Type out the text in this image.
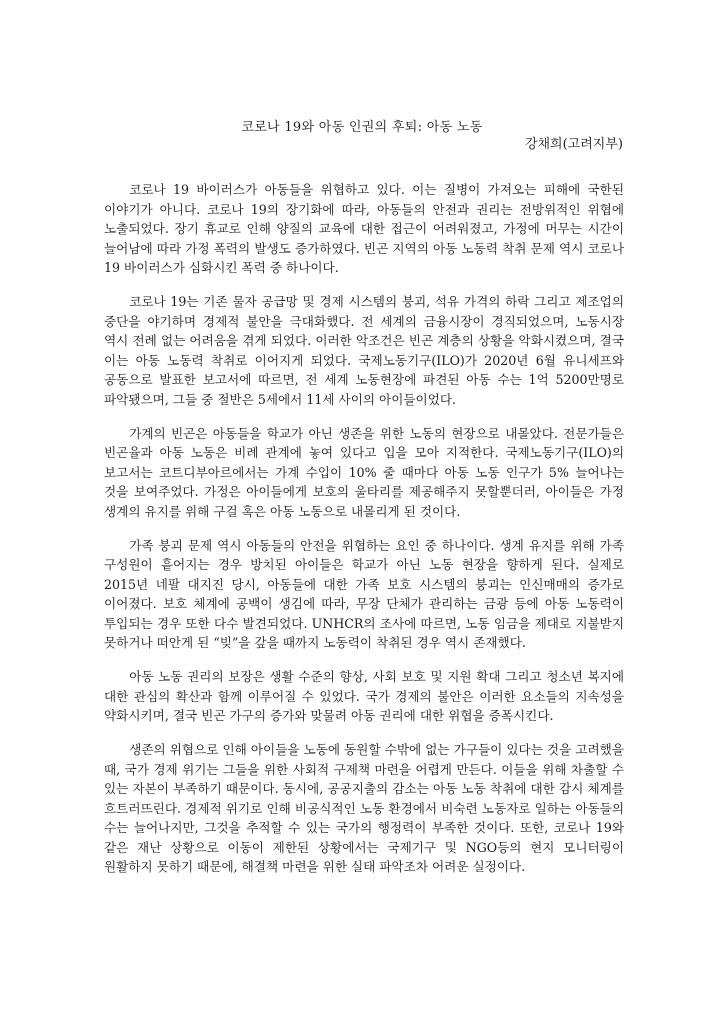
코로나 19와 아동 인권의 후퇴: 아동 노동
강채희(고려지부)

코로나 19 바이러스가 아동들을 위협하고 있다. 이는 질병이 가져오는 피해에 국한된 이야기가 아니다. 코로나 19의 장기화에 따라, 아동들의 안전과 권리는 전방위적인 위협에 노출되었다. 장기 휴교로 인해 양질의 교육에 대한 접근이 어려워졌고, 가정에 머무는 시간이 늘어남에 따라 가정 폭력의 발생도 증가하였다. 빈곤 지역의 아동 노동력 착취 문제 역시 코로나 19 바이러스가 심화시킨 폭력 중 하나이다.

코로나 19는 기존 물자 공급망 및 경제 시스템의 붕괴, 석유 가격의 하락 그리고 제조업의 중단을 야기하며 경제적 불안을 극대화했다. 전 세계의 금융시장이 경직되었으며, 노동시장 역시 전례 없는 어려움을 겪게 되었다. 이러한 악조건은 빈곤 계층의 상황을 악화시켰으며, 결국 이는 아동 노동력 착취로 이어지게 되었다. 국제노동기구(ILO)가 2020년 6월 유니세프와 공동으로 발표한 보고서에 따르면, 전 세계 노동현장에 파견된 아동 수는 1억 5200만명로 파악됐으며, 그들 중 절반은 5세에서 11세 사이의 아이들이었다.

가계의 빈곤은 아동들을 학교가 아닌 생존을 위한 노동의 현장으로 내몰았다. 전문가들은 빈곤율과 아동 노동은 비례 관계에 놓여 있다고 입을 모아 지적한다. 국제노동기구(ILO)의 보고서는 코트디부아르에서는 가계 수입이 10% 줄 때마다 아동 노동 인구가 5% 늘어나는 것을 보여주었다. 가정은 아이들에게 보호의 울타리를 제공해주지 못할뿐더러, 아이들은 가정 생계의 유지를 위해 구걸 혹은 아동 노동으로 내몰리게 된 것이다.

가족 붕괴 문제 역시 아동들의 안전을 위협하는 요인 중 하나이다. 생계 유지를 위해 가족 구성원이 흩어지는 경우 방치된 아이들은 학교가 아닌 노동 현장을 향하게 된다. 실제로 2015년 네팔 대지진 당시, 아동들에 대한 가족 보호 시스템의 붕괴는 인신매매의 증가로 이어졌다. 보호 체계에 공백이 생김에 따라, 무장 단체가 관리하는 금광 등에 아동 노동력이 투입되는 경우 또한 다수 발견되었다. UNHCR의 조사에 따르면, 노동 임금을 제대로 지불받지 못하거나 떠안게 된 “빚”을 갚을 때까지 노동력이 착취된 경우 역시 존재했다.

아동 노동 권리의 보장은 생활 수준의 향상, 사회 보호 및 지원 확대 그리고 청소년 복지에 대한 관심의 확산과 함께 이루어질 수 있었다. 국가 경제의 불안은 이러한 요소들의 지속성을 약화시키며, 결국 빈곤 가구의 증가와 맞물려 아동 권리에 대한 위협을 증폭시킨다.

생존의 위협으로 인해 아이들을 노동에 동원할 수밖에 없는 가구들이 있다는 것을 고려했을 때, 국가 경제 위기는 그들을 위한 사회적 구제책 마련을 어렵게 만든다. 이들을 위해 차출할 수 있는 자본이 부족하기 때문이다. 동시에, 공공지출의 감소는 아동 노동 착취에 대한 감시 체계를 흐트러뜨린다. 경제적 위기로 인해 비공식적인 노동 환경에서 비숙련 노동자로 일하는 아동들의 수는 늘어나지만, 그것을 추적할 수 있는 국가의 행정력이 부족한 것이다. 또한, 코로나 19와 같은 재난 상황으로 이동이 제한된 상황에서는 국제기구 및 NGO등의 현지 모니터링이 원활하지 못하기 때문에, 해결책 마련을 위한 실태 파악조차 어려운 실정이다.
